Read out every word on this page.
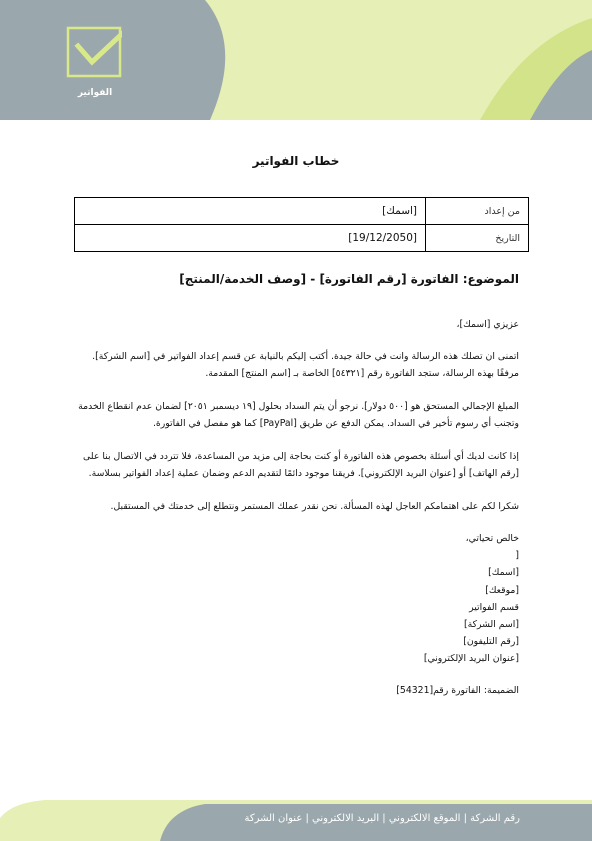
الفواتير
خطاب الفواتير
من إعداد	[اسمك]
التاريخ	[19/12/2050]
الموضوع: الفاتورة [رقم الفاتورة] - [وصف الخدمة/المنتج]
عزيزي [اسمك]،
اتمنى ان تصلك هذه الرسالة وانت في حالة جيدة. أكتب إليكم بالنيابة عن قسم إعداد الفواتير في [اسم الشركة]. مرفقًا بهذه الرسالة، ستجد الفاتورة رقم [٥٤٣٢١] الخاصة بـ [اسم المنتج] المقدمة.
المبلغ الإجمالي المستحق هو [٥٠٠ دولار]. نرجو أن يتم السداد بحلول [١٩ ديسمبر ٢٠٥١] لضمان عدم انقطاع الخدمة وتجنب أي رسوم تأخير في السداد. يمكن الدفع عن طريق [PayPal] كما هو مفصل في الفاتورة.
إذا كانت لديك أي أسئلة بخصوص هذه الفاتورة أو كنت بحاجة إلى مزيد من المساعدة، فلا تتردد في الاتصال بنا على [رقم الهاتف] أو [عنوان البريد الإلكتروني]. فريقنا موجود دائمًا لتقديم الدعم وضمان عملية إعداد الفواتير بسلاسة.
شكرا لكم على اهتمامكم العاجل لهذه المسألة. نحن نقدر عملك المستمر ونتطلع إلى خدمتك في المستقبل.
خالص تحياتي،
[
[اسمك]
[موقعك]
قسم الفواتير
[اسم الشركة]
[رقم التليفون]
[عنوان البريد الإلكتروني]
الضميمة: الفاتورة رقم[54321]
رقم الشركة | الموقع الالكتروني | البريد الالكتروني | عنوان الشركة
